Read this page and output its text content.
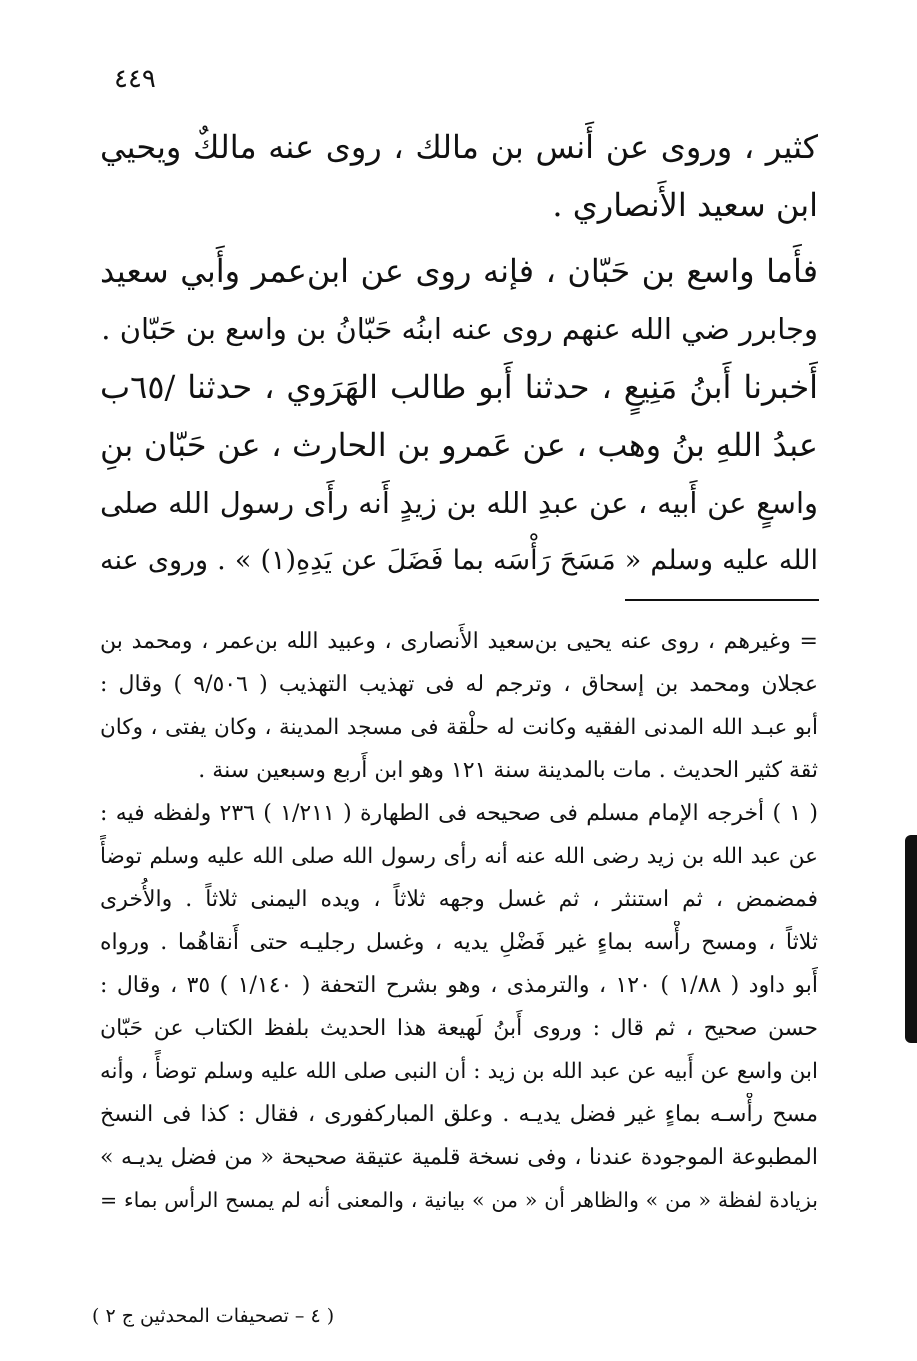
٤٤٩
كثير ، وروى عن أَنس بن مالك ، روى عنه مالكٌ ويحيي
ابن سعيد الأَنصاري .
فأَما واسع بن حَبّان ، فإنه روى عن ابن‌عمر وأَبي سعيد
وجابرر ضي الله عنهم روى عنه ابنُه حَبّانُ بن واسع بن حَبّان .
أَخبرنا أَبنُ مَنِيعٍ ، حدثنا أَبو طالب الهَرَوي ، حدثنا /٦٥ب
عبدُ اللهِ بنُ وهب ، عن عَمرو بن الحارث ، عن حَبّان بنِ
واسعٍ عن أَبيه ، عن عبدِ الله بن زيدٍ أَنه رأَى رسول الله صلى
الله عليه وسلم « مَسَحَ رَأْسَه بما فَضَلَ عن يَدِهِ(١) » . وروى عنه
= وغيرهم ، روى عنه يحيى بن‌سعيد الأَنصارى ، وعبيد الله بن‌عمر ، ومحمد بن
عجلان ومحمد بن إسحاق ، وترجم له فى تهذيب التهذيب ( ٩/٥٠٦ ) وقال :
أبو عبـد الله المدنى الفقيه وكانت له حلْقة فى مسجد المدينة ، وكان يفتى ، وكان
ثقة كثير الحديث . مات بالمدينة سنة ١٢١ وهو ابن أَربع وسبعين سنة .
( ١ ) أخرجه الإمام مسلم فى صحيحه فى الطهارة ( ١/٢١١ ) ٢٣٦ ولفظه فيه :
عن عبد الله بن زيد رضى الله عنه أنه رأى رسول الله صلى الله عليه وسلم توضأً
فمضمض ، ثم استنثر ، ثم غسل وجهه ثلاثاً ، ويده اليمنى ثلاثاً . والأُخرى
ثلاثاً ، ومسح رأْسه بماءٍ غير فَضْلِ يديه ، وغسل رجليـه حتى أَنقاهُما . ورواه
أَبو داود ( ١/٨٨ ) ١٢٠ ، والترمذى ، وهو بشرح التحفة ( ١/١٤٠ ) ٣٥ ، وقال :
حسن صحيح ، ثم قال : وروى أَبنُ لَهيعة هذا الحديث بلفظ الكتاب عن حَبّان
ابن واسع عن أَبيه عن عبد الله بن زيد : أن النبى صلى الله عليه وسلم توضأً ، وأنه
مسح رأْسـه بماءٍ غير فضل يديـه . وعلق المباركفورى ، فقال : كذا فى النسخ
المطبوعة الموجودة عندنا ، وفى نسخة قلمية عتيقة صحيحة « من فضل يديـه »
بزيادة لفظة « من » والظاهر أن « من » بيانية ، والمعنى أنه لم يمسح الرأس بماء =
( ٤ – تصحيفات المحدثين ج ٢ )
